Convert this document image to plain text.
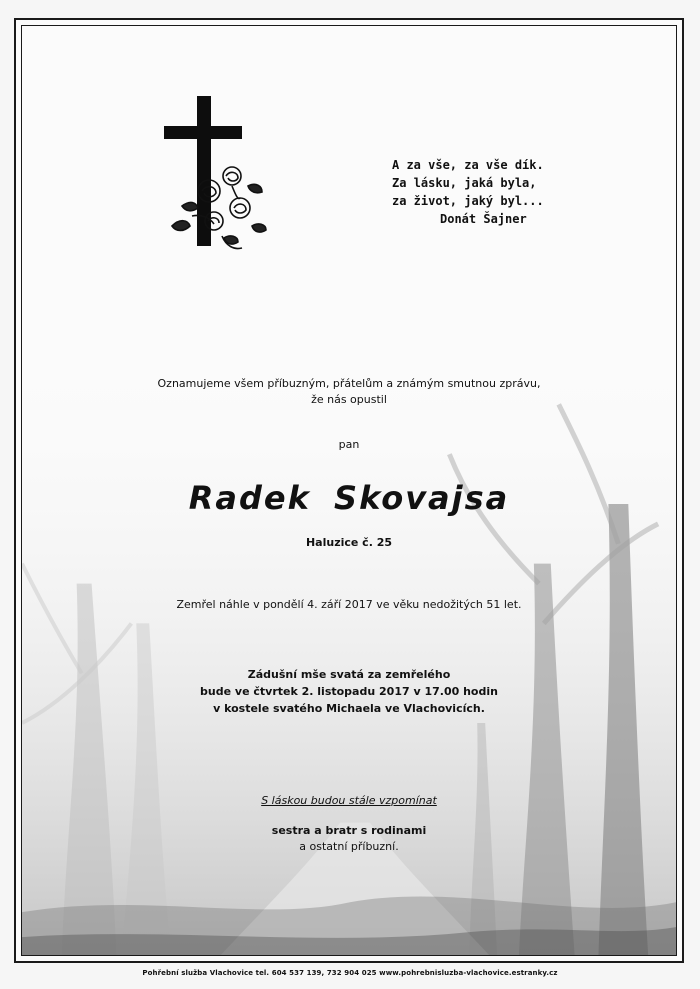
A za vše, za vše dík.
Za lásku, jaká byla,
za život, jaký byl...
Donát Šajner
Oznamujeme všem příbuzným, přátelům a známým smutnou zprávu,
že nás opustil
pan
Radek Skovajsa
Haluzice č. 25
Zemřel náhle v pondělí 4. září 2017 ve věku nedožitých 51 let.
Zádušní mše svatá za zemřelého
bude ve čtvrtek 2. listopadu 2017 v 17.00 hodin
v kostele svatého Michaela ve Vlachovicích.
S láskou budou stále vzpomínat
sestra a bratr s rodinami
a ostatní příbuzní.
Pohřební služba Vlachovice tel. 604 537 139, 732 904 025 www.pohrebnisluzba-vlachovice.estranky.cz
